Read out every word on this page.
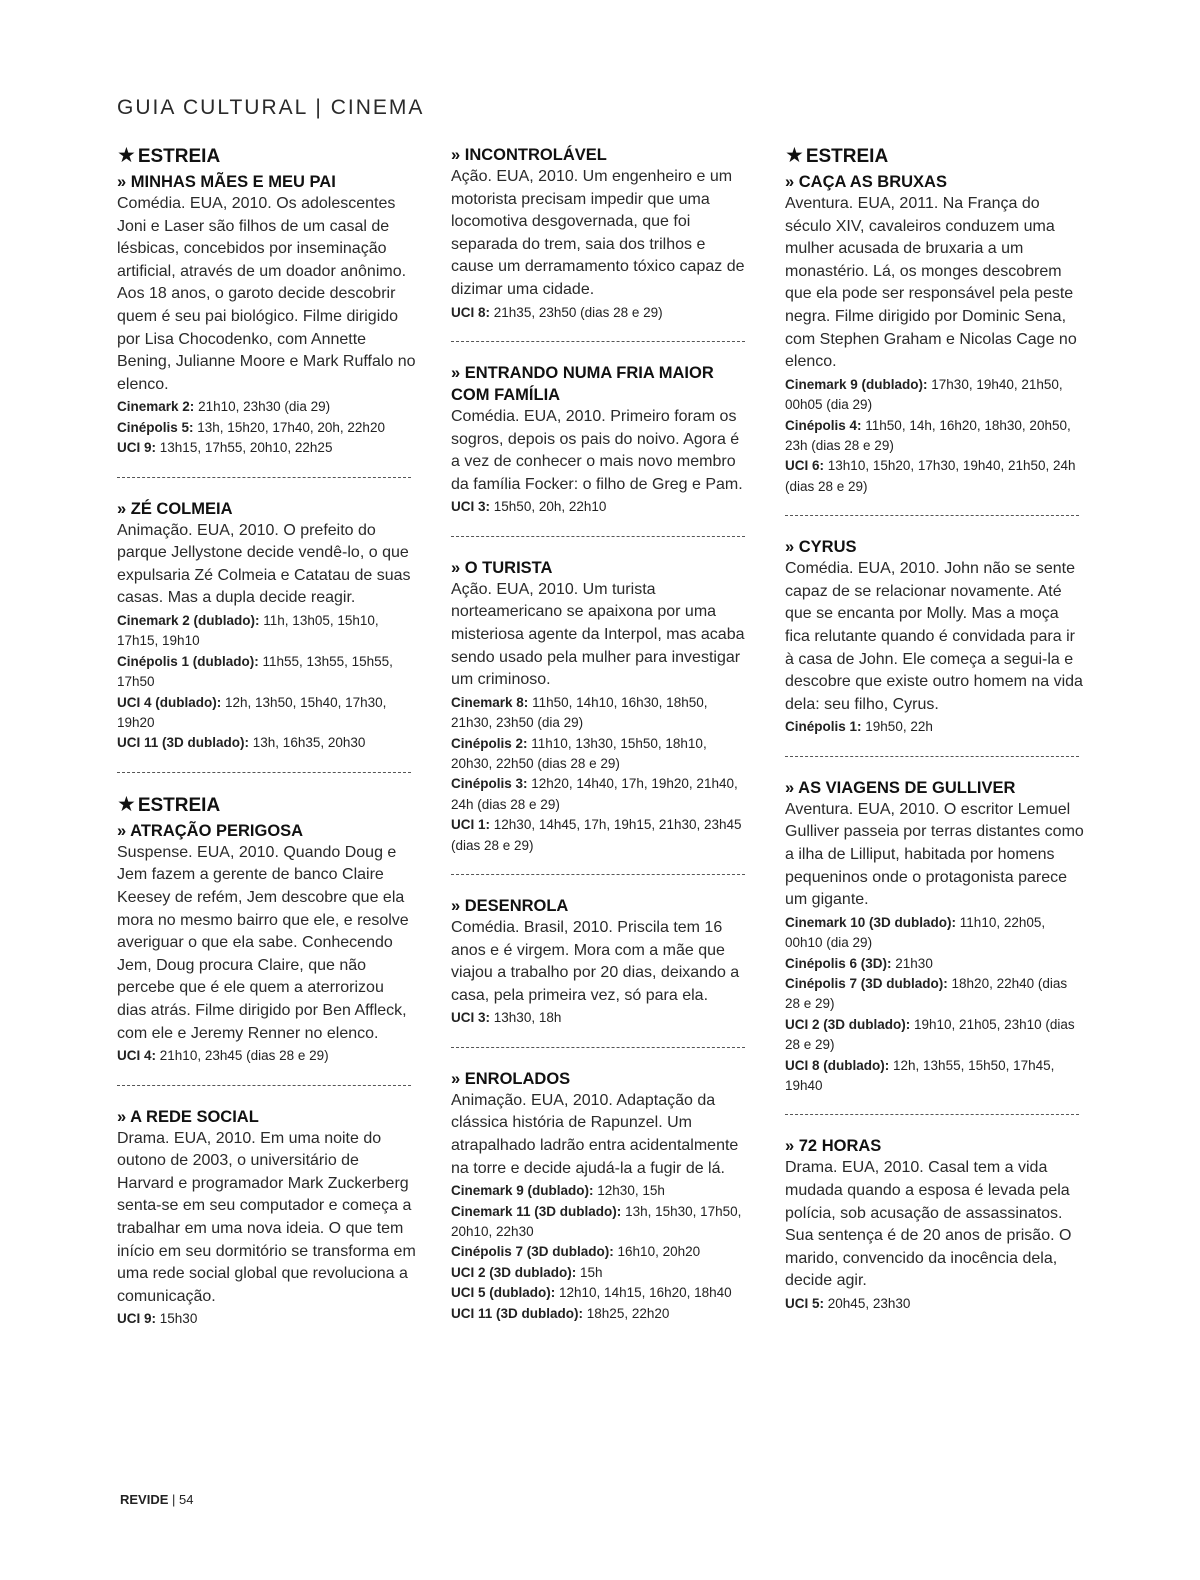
GUIA CULTURAL | CINEMA
★ ESTREIA
» MINHAS MÃES E MEU PAI
Comédia. EUA, 2010. Os adolescentes Joni e Laser são filhos de um casal de lésbicas, concebidos por inseminação artificial, através de um doador anônimo. Aos 18 anos, o garoto decide descobrir quem é seu pai biológico. Filme dirigido por Lisa Chocodenko, com Annette Bening, Julianne Moore e Mark Ruffalo no elenco.
Cinemark 2: 21h10, 23h30 (dia 29)
Cinépolis 5: 13h, 15h20, 17h40, 20h, 22h20
UCI 9: 13h15, 17h55, 20h10, 22h25
» ZÉ COLMEIA
Animação. EUA, 2010. O prefeito do parque Jellystone decide vendê-lo, o que expulsaria Zé Colmeia e Catatau de suas casas. Mas a dupla decide reagir.
Cinemark 2 (dublado): 11h, 13h05, 15h10, 17h15, 19h10
Cinépolis 1 (dublado): 11h55, 13h55, 15h55, 17h50
UCI 4 (dublado): 12h, 13h50, 15h40, 17h30, 19h20
UCI 11 (3D dublado): 13h, 16h35, 20h30
★ ESTREIA
» ATRAÇÃO PERIGOSA
Suspense. EUA, 2010. Quando Doug e Jem fazem a gerente de banco Claire Keesey de refém, Jem descobre que ela mora no mesmo bairro que ele, e resolve averiguar o que ela sabe. Conhecendo Jem, Doug procura Claire, que não percebe que é ele quem a aterrorizou dias atrás. Filme dirigido por Ben Affleck, com ele e Jeremy Renner no elenco.
UCI 4: 21h10, 23h45 (dias 28 e 29)
» A REDE SOCIAL
Drama. EUA, 2010. Em uma noite do outono de 2003, o universitário de Harvard e programador Mark Zuckerberg senta-se em seu computador e começa a trabalhar em uma nova ideia. O que tem início em seu dormitório se transforma em uma rede social global que revoluciona a comunicação.
UCI 9: 15h30
» INCONTROLÁVEL
Ação. EUA, 2010. Um engenheiro e um motorista precisam impedir que uma locomotiva desgovernada, que foi separada do trem, saia dos trilhos e cause um derramamento tóxico capaz de dizimar uma cidade.
UCI 8: 21h35, 23h50 (dias 28 e 29)
» ENTRANDO NUMA FRIA MAIOR COM FAMÍLIA
Comédia. EUA, 2010. Primeiro foram os sogros, depois os pais do noivo. Agora é a vez de conhecer o mais novo membro da família Focker: o filho de Greg e Pam.
UCI 3: 15h50, 20h, 22h10
» O TURISTA
Ação. EUA, 2010. Um turista norteamericano se apaixona por uma misteriosa agente da Interpol, mas acaba sendo usado pela mulher para investigar um criminoso.
Cinemark 8: 11h50, 14h10, 16h30, 18h50, 21h30, 23h50 (dia 29)
Cinépolis 2: 11h10, 13h30, 15h50, 18h10, 20h30, 22h50 (dias 28 e 29)
Cinépolis 3: 12h20, 14h40, 17h, 19h20, 21h40, 24h (dias 28 e 29)
UCI 1: 12h30, 14h45, 17h, 19h15, 21h30, 23h45 (dias 28 e 29)
» DESENROLA
Comédia. Brasil, 2010. Priscila tem 16 anos e é virgem. Mora com a mãe que viajou a trabalho por 20 dias, deixando a casa, pela primeira vez, só para ela.
UCI 3: 13h30, 18h
» ENROLADOS
Animação. EUA, 2010. Adaptação da clássica história de Rapunzel. Um atrapalhado ladrão entra acidentalmente na torre e decide ajudá-la a fugir de lá.
Cinemark 9 (dublado): 12h30, 15h
Cinemark 11 (3D dublado): 13h, 15h30, 17h50, 20h10, 22h30
Cinépolis 7 (3D dublado): 16h10, 20h20
UCI 2 (3D dublado): 15h
UCI 5 (dublado): 12h10, 14h15, 16h20, 18h40
UCI 11 (3D dublado): 18h25, 22h20
★ ESTREIA
» CAÇA AS BRUXAS
Aventura. EUA, 2011. Na França do século XIV, cavaleiros conduzem uma mulher acusada de bruxaria a um monastério. Lá, os monges descobrem que ela pode ser responsável pela peste negra. Filme dirigido por Dominic Sena, com Stephen Graham e Nicolas Cage no elenco.
Cinemark 9 (dublado): 17h30, 19h40, 21h50, 00h05 (dia 29)
Cinépolis 4: 11h50, 14h, 16h20, 18h30, 20h50, 23h (dias 28 e 29)
UCI 6: 13h10, 15h20, 17h30, 19h40, 21h50, 24h (dias 28 e 29)
» CYRUS
Comédia. EUA, 2010. John não se sente capaz de se relacionar novamente. Até que se encanta por Molly. Mas a moça fica relutante quando é convidada para ir à casa de John. Ele começa a segui-la e descobre que existe outro homem na vida dela: seu filho, Cyrus.
Cinépolis 1: 19h50, 22h
» AS VIAGENS DE GULLIVER
Aventura. EUA, 2010. O escritor Lemuel Gulliver passeia por terras distantes como a ilha de Lilliput, habitada por homens pequeninos onde o protagonista parece um gigante.
Cinemark 10 (3D dublado): 11h10, 22h05, 00h10 (dia 29)
Cinépolis 6 (3D): 21h30
Cinépolis 7 (3D dublado): 18h20, 22h40 (dias 28 e 29)
UCI 2 (3D dublado): 19h10, 21h05, 23h10 (dias 28 e 29)
UCI 8 (dublado): 12h, 13h55, 15h50, 17h45, 19h40
» 72 HORAS
Drama. EUA, 2010. Casal tem a vida mudada quando a esposa é levada pela polícia, sob acusação de assassinatos. Sua sentença é de 20 anos de prisão. O marido, convencido da inocência dela, decide agir.
UCI 5: 20h45, 23h30
REVIDE | 54
